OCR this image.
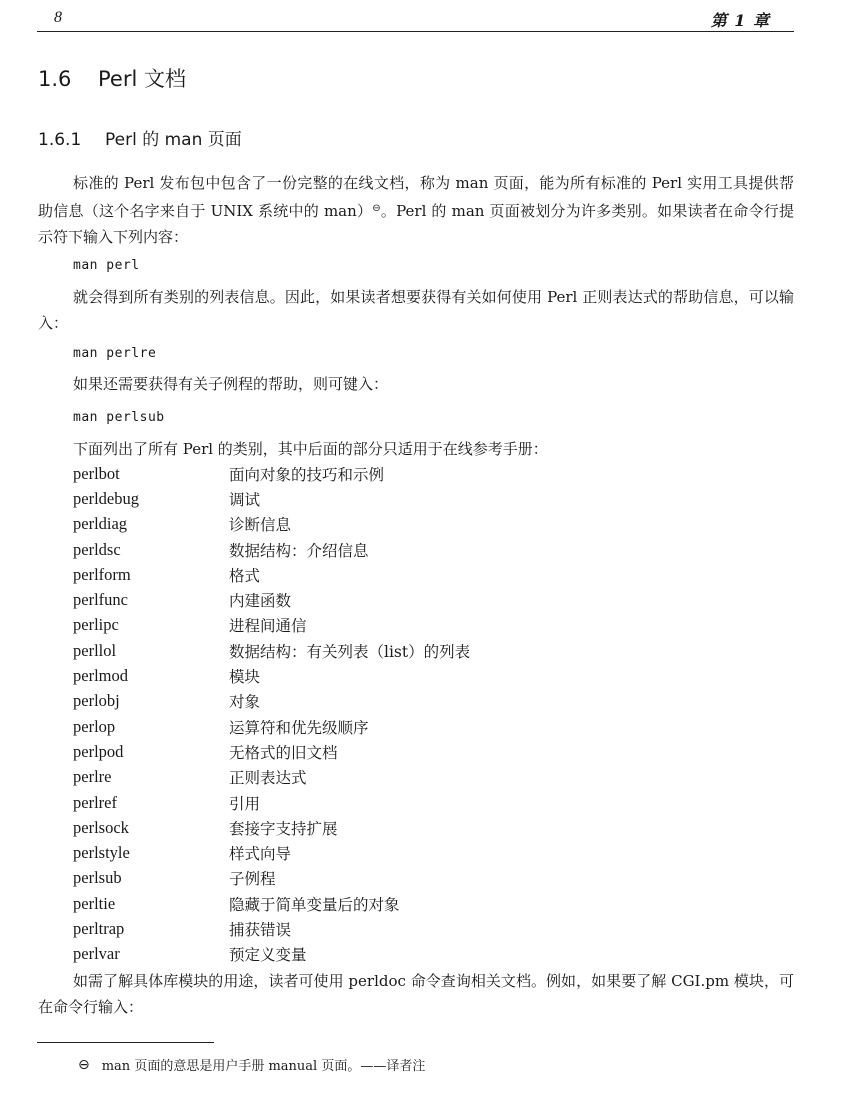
8	第 1 章
1.6 Perl 文档
1.6.1 Perl 的 man 页面
标准的 Perl 发布包中包含了一份完整的在线文档，称为 man 页面，能为所有标准的 Perl 实用工具提供帮助信息（这个名字来自于 UNIX 系统中的 man）⊖。Perl 的 man 页面被划分为许多类别。如果读者在命令行提示符下输入下列内容：
man perl
就会得到所有类别的列表信息。因此，如果读者想要获得有关如何使用 Perl 正则表达式的帮助信息，可以输入：
man perlre
如果还需要获得有关子例程的帮助，则可键入：
man perlsub
下面列出了所有 Perl 的类别，其中后面的部分只适用于在线参考手册：
perlbot	面向对象的技巧和示例
perldebug	调试
perldiag	诊断信息
perldsc	数据结构：介绍信息
perlform	格式
perlfunc	内建函数
perlipc	进程间通信
perllol	数据结构：有关列表（list）的列表
perlmod	模块
perlobj	对象
perlop	运算符和优先级顺序
perlpod	无格式的旧文档
perlre	正则表达式
perlref	引用
perlsock	套接字支持扩展
perlstyle	样式向导
perlsub	子例程
perltie	隐藏于简单变量后的对象
perltrap	捕获错误
perlvar	预定义变量
如需了解具体库模块的用途，读者可使用 perldoc 命令查询相关文档。例如，如果要了解 CGI.pm 模块，可在命令行输入：
⊖ man 页面的意思是用户手册 manual 页面。——译者注
